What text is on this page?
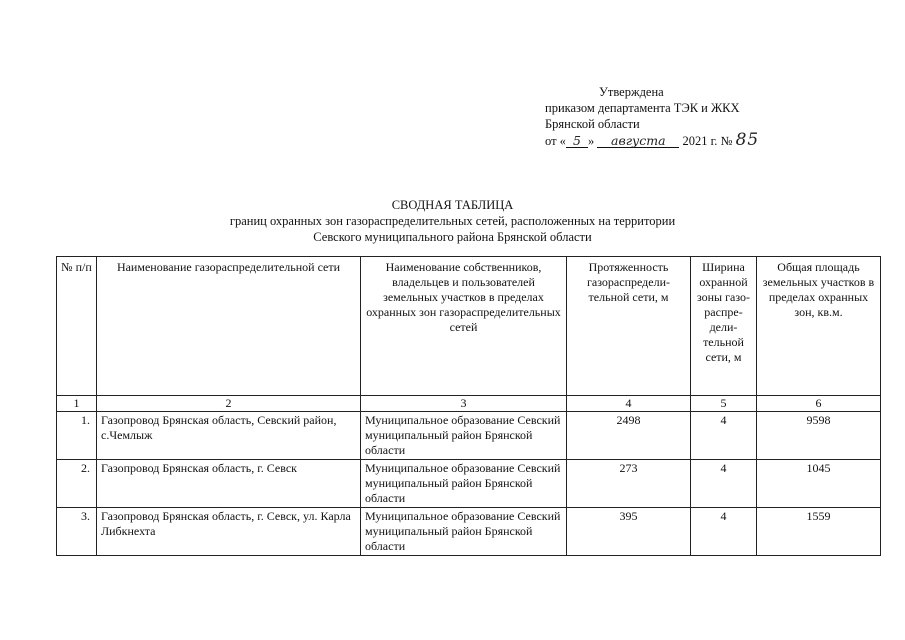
Утверждена
приказом департамента ТЭК и ЖКХ
Брянской области
от « 5 » августа 2021 г. № 85
СВОДНАЯ ТАБЛИЦА
границ охранных зон газораспределительных сетей, расположенных на территории
Севского муниципального района Брянской области
№ п/п	Наименование газораспределительной сети	Наименование собственников, владельцев и пользователей земельных участков в пределах охранных зон газораспределительных сетей	Протяженность газораспредели-тельной сети, м	Ширина охранной зоны газо-распре-дели-тельной сети, м	Общая площадь земельных участков в пределах охранных зон, кв.м.
1	2	3	4	5	6
1.	Газопровод Брянская область, Севский район, с.Чемлыж	Муниципальное образование Севский муниципальный район Брянской области	2498	4	9598
2.	Газопровод Брянская область, г. Севск	Муниципальное образование Севский муниципальный район Брянской области	273	4	1045
3.	Газопровод Брянская область, г. Севск, ул. Карла Либкнехта	Муниципальное образование Севский муниципальный район Брянской области	395	4	1559
